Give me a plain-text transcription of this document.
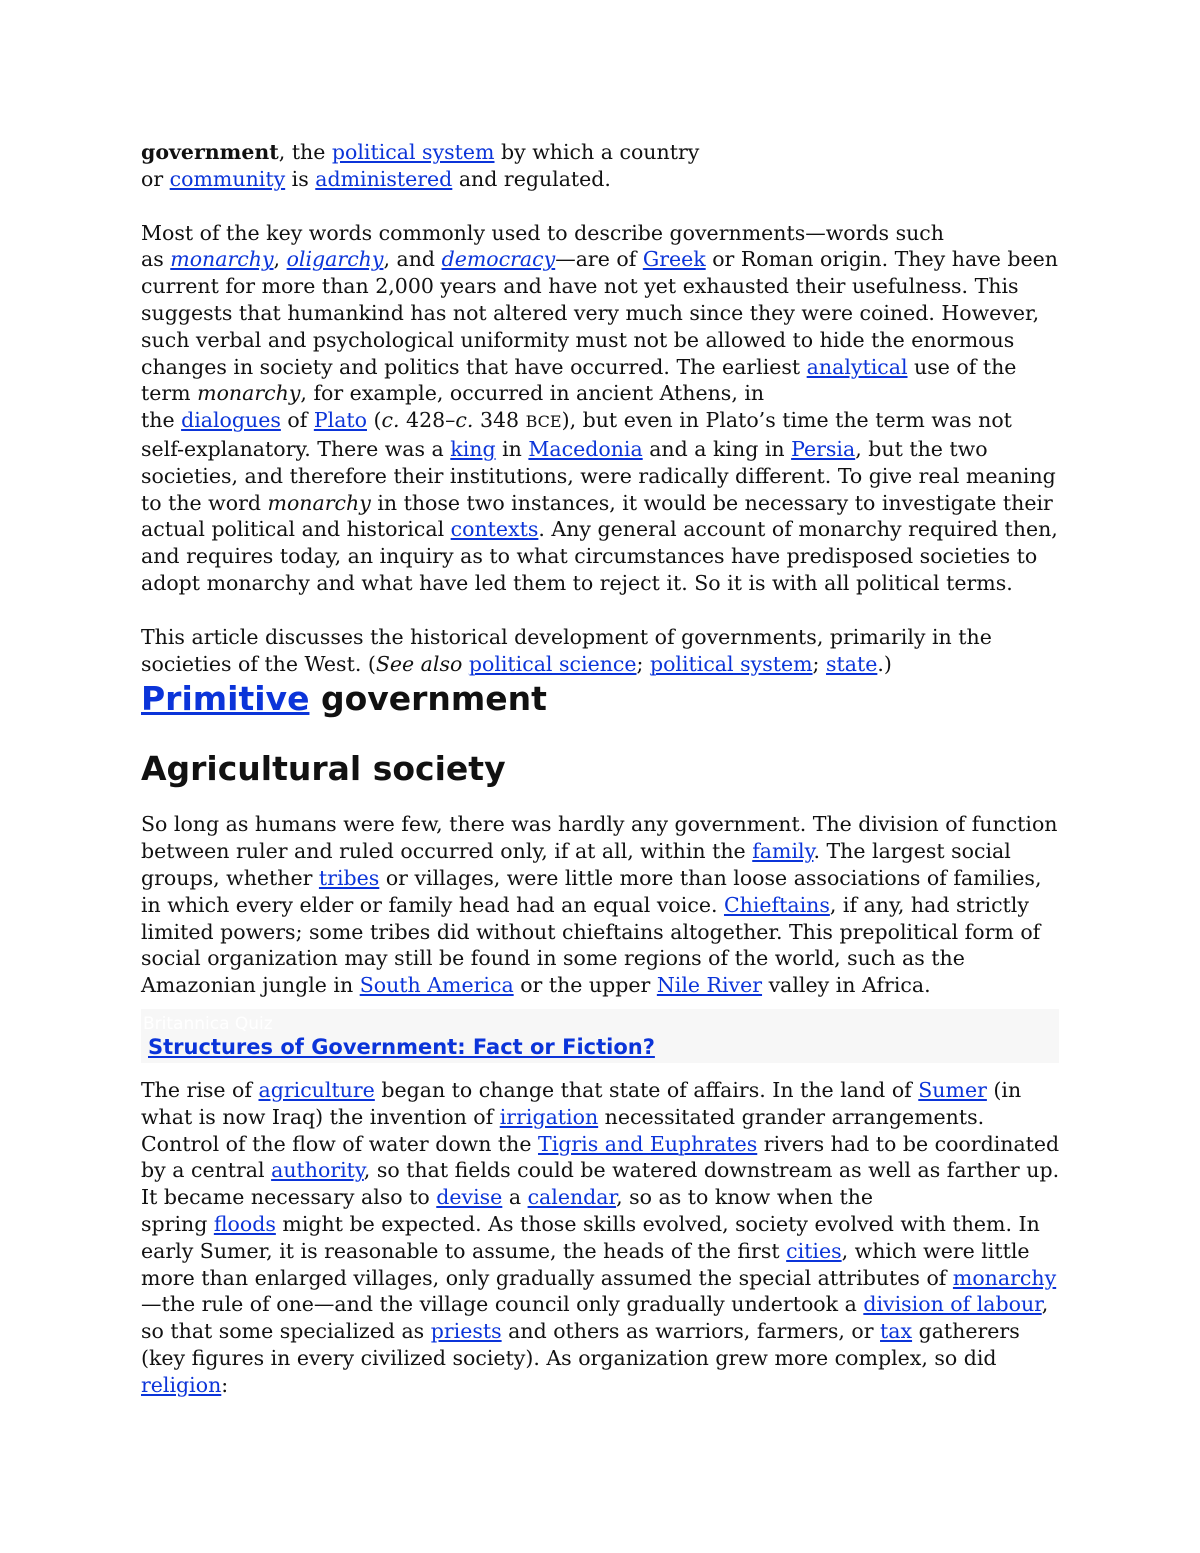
government, the political system by which a country
or community is administered and regulated.

Most of the key words commonly used to describe governments—words such
as monarchy, oligarchy, and democracy—are of Greek or Roman origin. They have been current for more than 2,000 years and have not yet exhausted their usefulness. This suggests that humankind has not altered very much since they were coined. However, such verbal and psychological uniformity must not be allowed to hide the enormous changes in society and politics that have occurred. The earliest analytical use of the term monarchy, for example, occurred in ancient Athens, in
the dialogues of Plato (c. 428–c. 348 BCE), but even in Plato’s time the term was not self-explanatory. There was a king in Macedonia and a king in Persia, but the two societies, and therefore their institutions, were radically different. To give real meaning to the word monarchy in those two instances, it would be necessary to investigate their actual political and historical contexts. Any general account of monarchy required then, and requires today, an inquiry as to what circumstances have predisposed societies to adopt monarchy and what have led them to reject it. So it is with all political terms.

This article discusses the historical development of governments, primarily in the societies of the West. (See also political science; political system; state.)

Primitive government
Agricultural society

So long as humans were few, there was hardly any government. The division of function between ruler and ruled occurred only, if at all, within the family. The largest social groups, whether tribes or villages, were little more than loose associations of families, in which every elder or family head had an equal voice. Chieftains, if any, had strictly limited powers; some tribes did without chieftains altogether. This prepolitical form of social organization may still be found in some regions of the world, such as the Amazonian jungle in South America or the upper Nile River valley in Africa.

Britannica Quiz
Structures of Government: Fact or Fiction?

The rise of agriculture began to change that state of affairs. In the land of Sumer (in what is now Iraq) the invention of irrigation necessitated grander arrangements. Control of the flow of water down the Tigris and Euphrates rivers had to be coordinated by a central authority, so that fields could be watered downstream as well as farther up. It became necessary also to devise a calendar, so as to know when the
spring floods might be expected. As those skills evolved, society evolved with them. In early Sumer, it is reasonable to assume, the heads of the first cities, which were little more than enlarged villages, only gradually assumed the special attributes of monarchy—the rule of one—and the village council only gradually undertook a division of labour, so that some specialized as priests and others as warriors, farmers, or tax gatherers (key figures in every civilized society). As organization grew more complex, so did religion:
